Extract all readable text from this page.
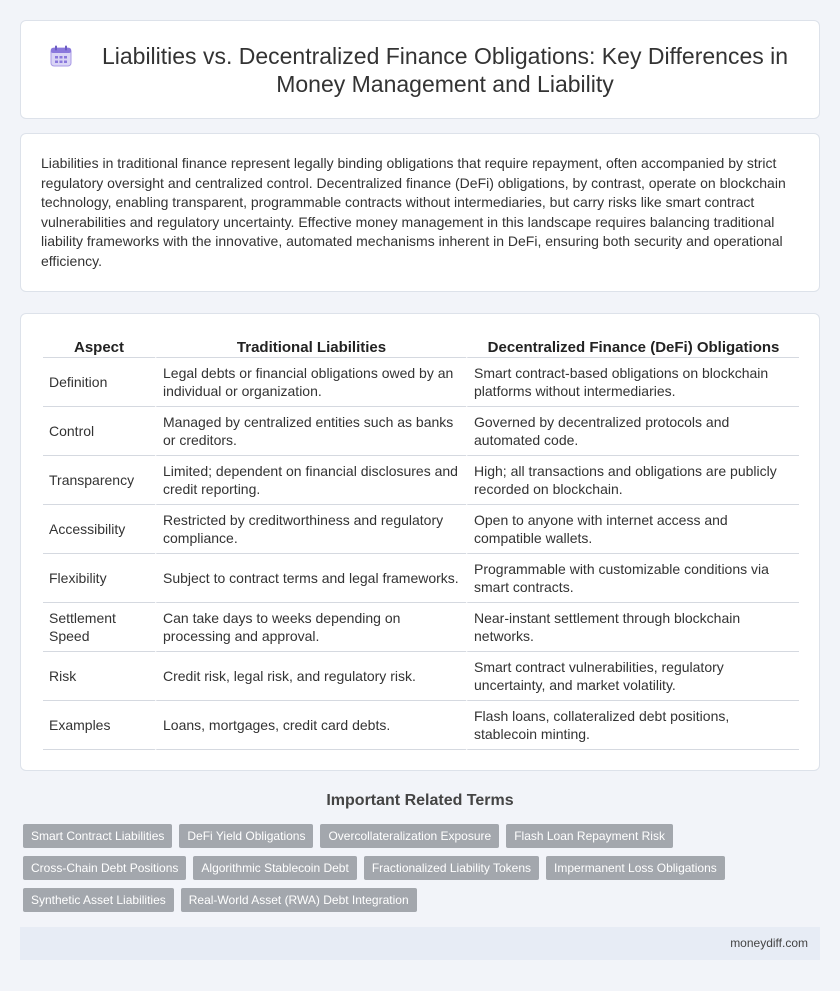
Liabilities vs. Decentralized Finance Obligations: Key Differences in Money Management and Liability

Liabilities in traditional finance represent legally binding obligations that require repayment, often accompanied by strict regulatory oversight and centralized control. Decentralized finance (DeFi) obligations, by contrast, operate on blockchain technology, enabling transparent, programmable contracts without intermediaries, but carry risks like smart contract vulnerabilities and regulatory uncertainty. Effective money management in this landscape requires balancing traditional liability frameworks with the innovative, automated mechanisms inherent in DeFi, ensuring both security and operational efficiency.

Aspect	Traditional Liabilities	Decentralized Finance (DeFi) Obligations
Definition	Legal debts or financial obligations owed by an individual or organization.	Smart contract-based obligations on blockchain platforms without intermediaries.
Control	Managed by centralized entities such as banks or creditors.	Governed by decentralized protocols and automated code.
Transparency	Limited; dependent on financial disclosures and credit reporting.	High; all transactions and obligations are publicly recorded on blockchain.
Accessibility	Restricted by creditworthiness and regulatory compliance.	Open to anyone with internet access and compatible wallets.
Flexibility	Subject to contract terms and legal frameworks.	Programmable with customizable conditions via smart contracts.
Settlement Speed	Can take days to weeks depending on processing and approval.	Near-instant settlement through blockchain networks.
Risk	Credit risk, legal risk, and regulatory risk.	Smart contract vulnerabilities, regulatory uncertainty, and market volatility.
Examples	Loans, mortgages, credit card debts.	Flash loans, collateralized debt positions, stablecoin minting.
Important Related Terms
Smart Contract Liabilities	DeFi Yield Obligations	Overcollateralization Exposure	Flash Loan Repayment Risk
Cross-Chain Debt Positions	Algorithmic Stablecoin Debt	Fractionalized Liability Tokens	Impermanent Loss Obligations
Synthetic Asset Liabilities	Real-World Asset (RWA) Debt Integration
moneydiff.com
